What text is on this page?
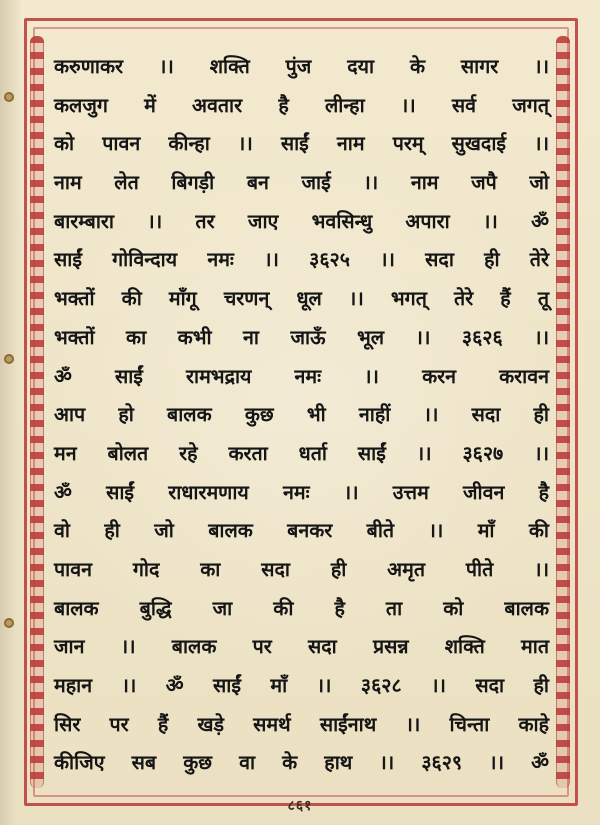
करुणाकर ।। शक्ति पुंज दया के सागर ।।
कलजुग में अवतार है लीन्हा ।। सर्व जगत्
को पावन कीन्हा ।। साईं नाम परम् सुखदाई ।।
नाम लेत बिगड़ी बन जाई ।। नाम जपै जो
बारम्बारा ।। तर जाए भवसिन्धु अपारा ।। ॐ
साईं गोविन्दाय नमः ।। ३६२५ ।। सदा ही तेरे
भक्तों की माँगू चरणन् धूल ।। भगत् तेरे हैं तू
भक्तों का कभी ना जाऊँ भूल ।। ३६२६ ।।
ॐ साईं रामभद्राय नमः ।। करन करावन
आप हो बालक कुछ भी नाहीं ।। सदा ही
मन बोलत रहे करता धर्ता साईं ।। ३६२७ ।।
ॐ साईं राधारमणाय नमः ।। उत्तम जीवन है
वो ही जो बालक बनकर बीते ।। माँ की
पावन गोद का सदा ही अमृत पीते ।।
बालक बुद्धि जा की है ता को बालक
जान ।। बालक पर सदा प्रसन्न शक्ति मात
महान ।। ॐ साईं माँ ।। ३६२८ ।। सदा ही
सिर पर हैं खड़े समर्थ साईंनाथ ।। चिन्ता काहे
कीजिए सब कुछ वा के हाथ ।। ३६२९ ।। ॐ
८६१
